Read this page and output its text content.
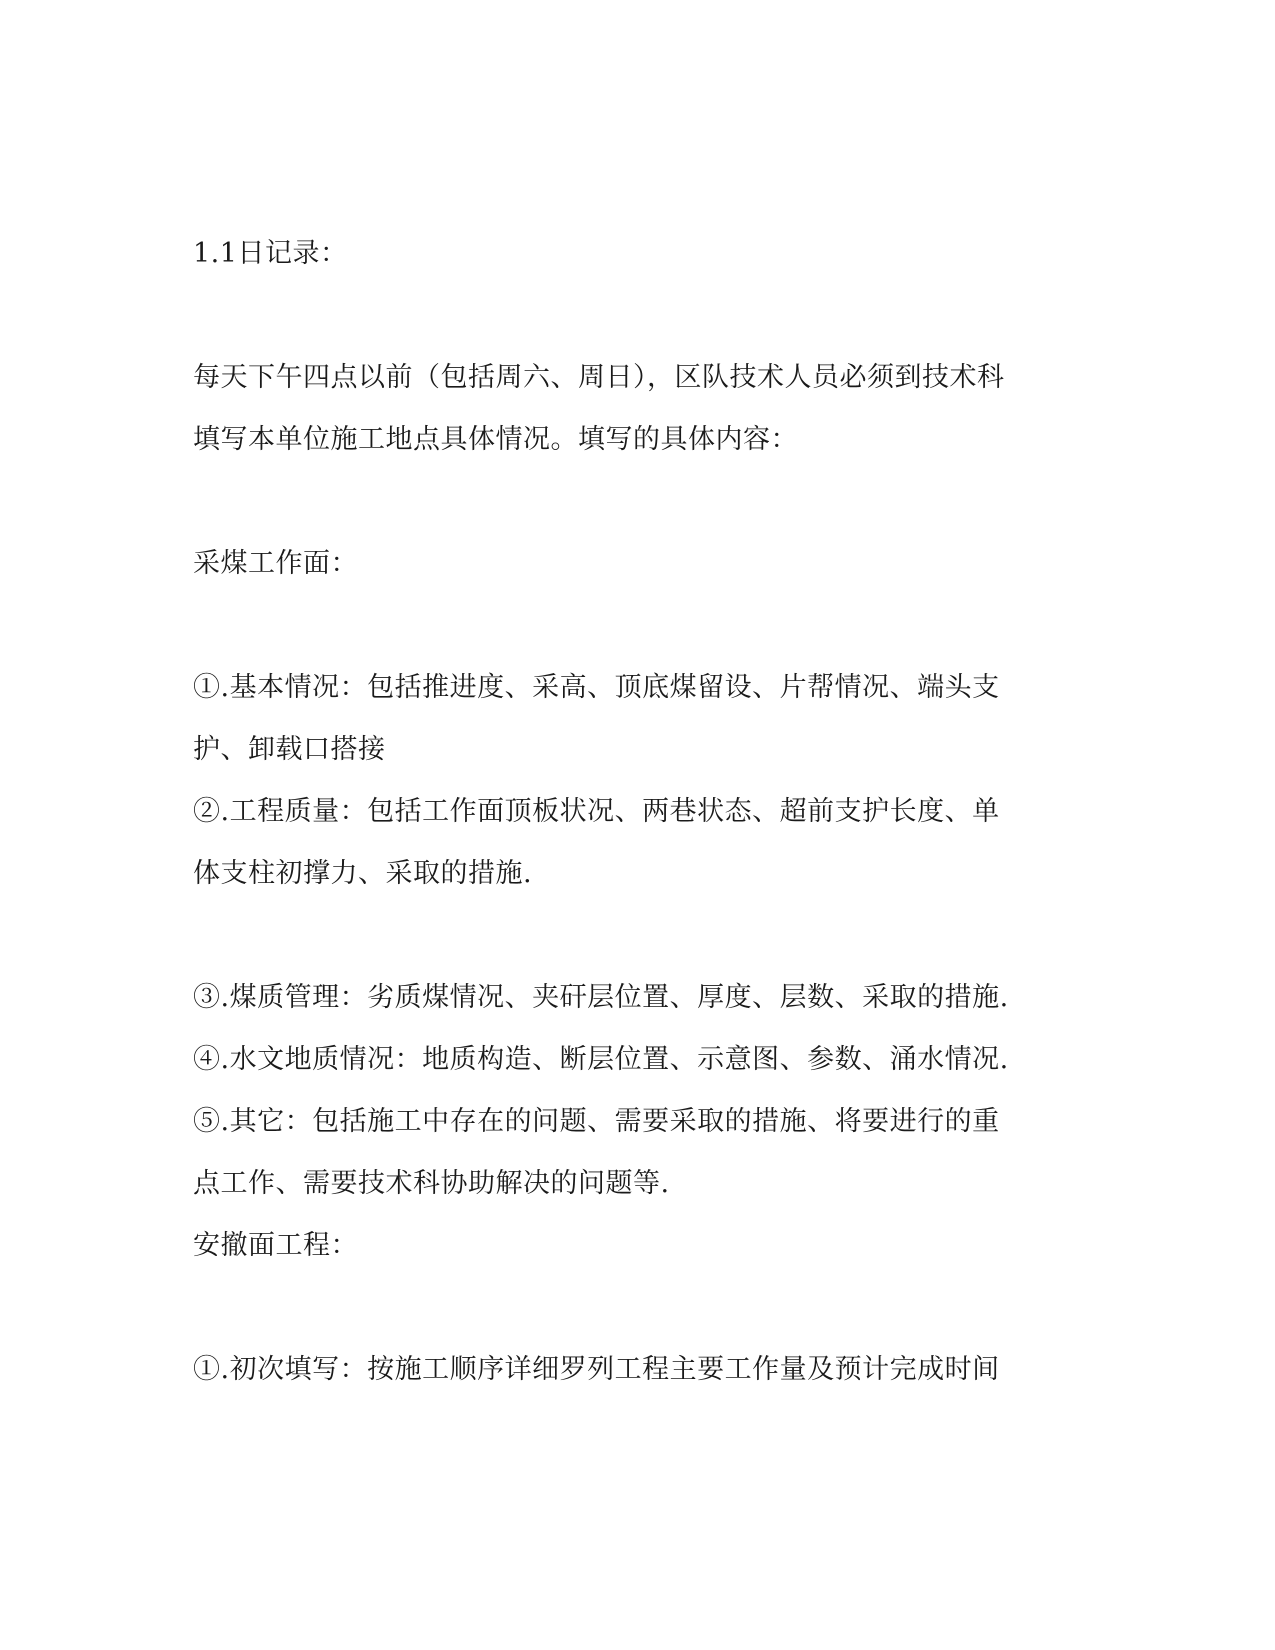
1.1日记录：
每天下午四点以前（包括周六、周日），区队技术人员必须到技术科
填写本单位施工地点具体情况。填写的具体内容：
采煤工作面：
①.基本情况：包括推进度、采高、顶底煤留设、片帮情况、端头支
护、卸载口搭接
②.工程质量：包括工作面顶板状况、两巷状态、超前支护长度、单
体支柱初撑力、采取的措施.
③.煤质管理：劣质煤情况、夹矸层位置、厚度、层数、采取的措施.
④.水文地质情况：地质构造、断层位置、示意图、参数、涌水情况.
⑤.其它：包括施工中存在的问题、需要采取的措施、将要进行的重
点工作、需要技术科协助解决的问题等.
安撤面工程：
①.初次填写：按施工顺序详细罗列工程主要工作量及预计完成时间
